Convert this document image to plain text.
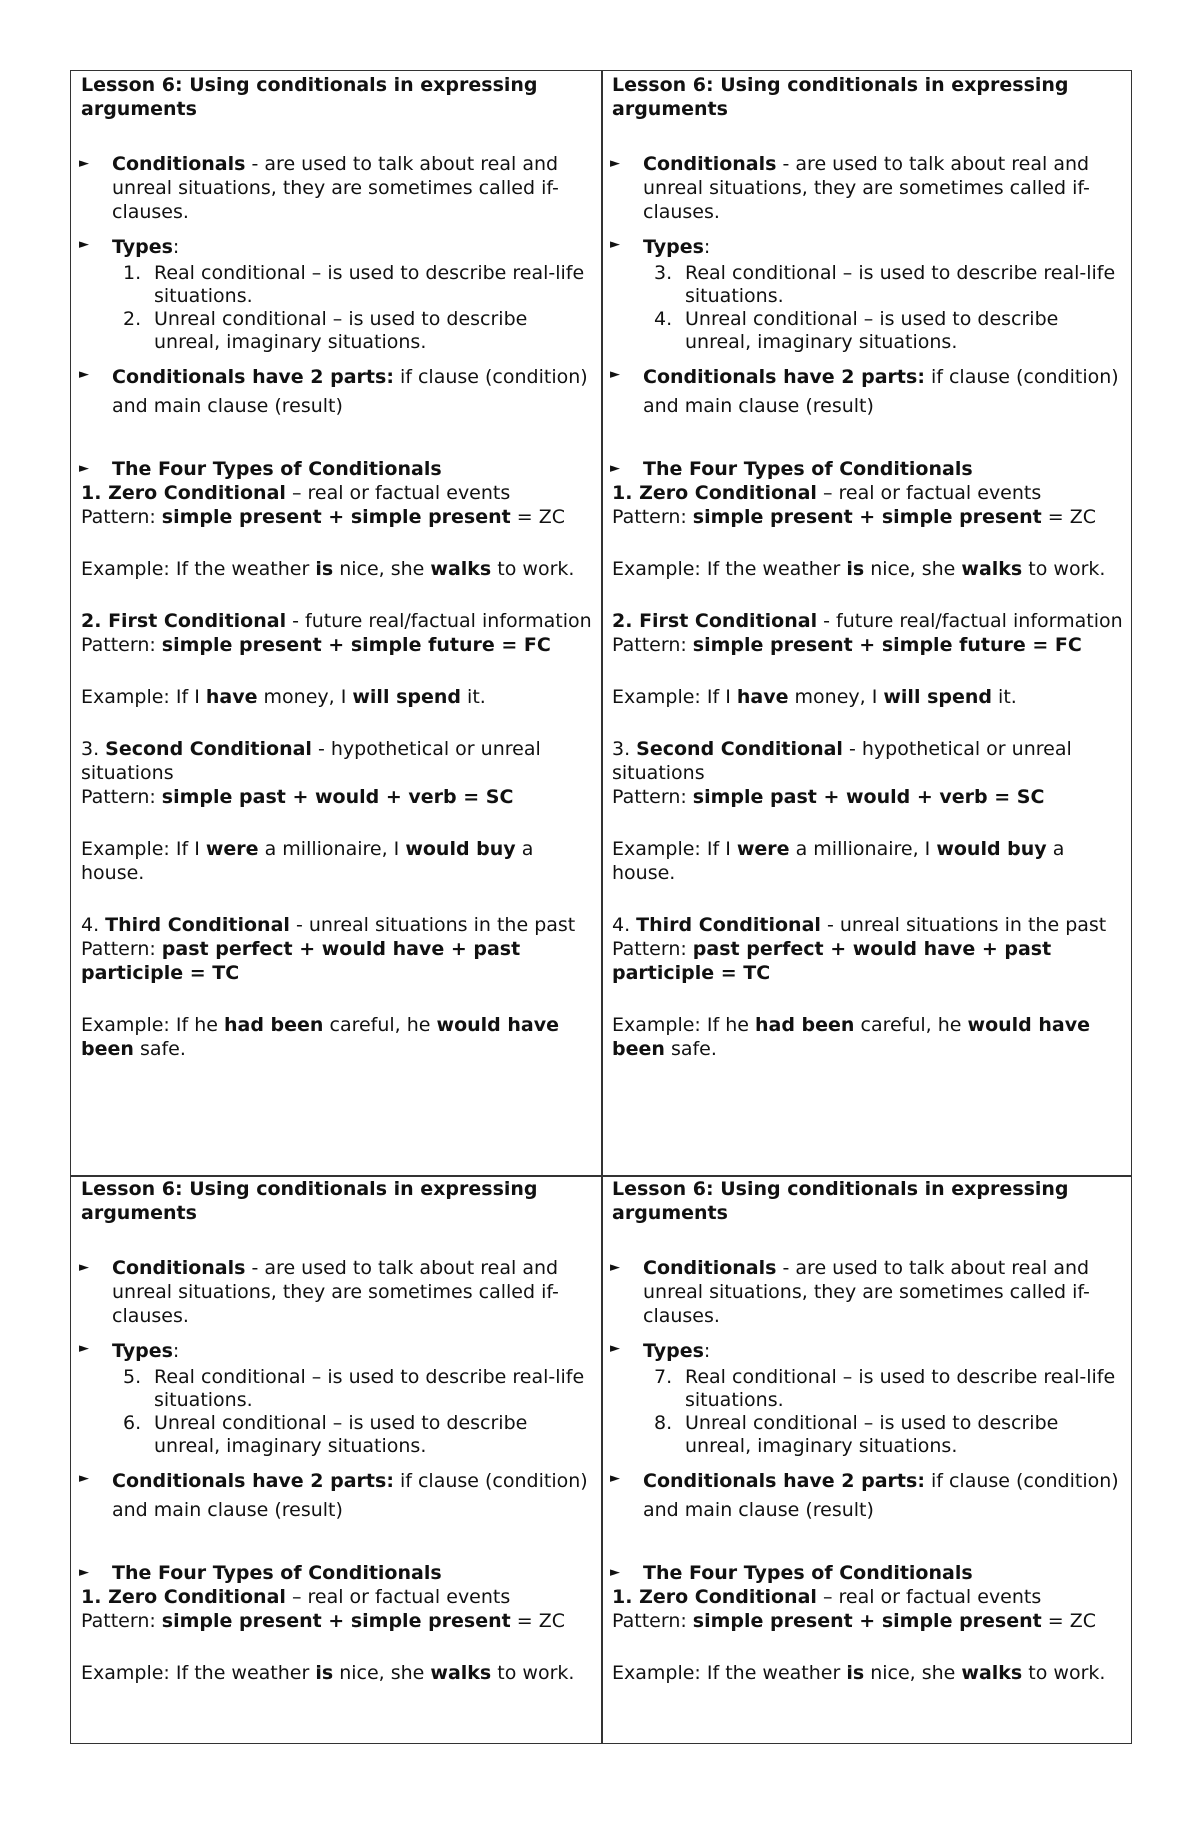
Lesson 6: Using conditionals in expressing arguments

► Conditionals - are used to talk about real and unreal situations, they are sometimes called if-clauses.
► Types:
1. Real conditional – is used to describe real-life situations.
2. Unreal conditional – is used to describe unreal, imaginary situations.
► Conditionals have 2 parts: if clause (condition) and main clause (result)
► The Four Types of Conditionals

1. Zero Conditional – real or factual events

Pattern: simple present + simple present = ZC

Example: If the weather is nice, she walks to work.

2. First Conditional - future real/factual information

Pattern: simple present + simple future = FC

Example: If I have money, I will spend it.

3. Second Conditional - hypothetical or unreal situations

Pattern: simple past + would + verb = SC

Example: If I were a millionaire, I would buy a house.

4. Third Conditional - unreal situations in the past

Pattern: past perfect + would have + past participle = TC

Example: If he had been careful, he would have been safe.

Lesson 6: Using conditionals in expressing arguments

► Conditionals - are used to talk about real and unreal situations, they are sometimes called if-clauses.
► Types:
3. Real conditional – is used to describe real-life situations.
4. Unreal conditional – is used to describe unreal, imaginary situations.
► Conditionals have 2 parts: if clause (condition) and main clause (result)
► The Four Types of Conditionals

1. Zero Conditional – real or factual events

Pattern: simple present + simple present = ZC

Example: If the weather is nice, she walks to work.

2. First Conditional - future real/factual information

Pattern: simple present + simple future = FC

Example: If I have money, I will spend it.

3. Second Conditional - hypothetical or unreal situations

Pattern: simple past + would + verb = SC

Example: If I were a millionaire, I would buy a house.

4. Third Conditional - unreal situations in the past

Pattern: past perfect + would have + past participle = TC

Example: If he had been careful, he would have been safe.

Lesson 6: Using conditionals in expressing arguments

► Conditionals - are used to talk about real and unreal situations, they are sometimes called if-clauses.
► Types:
5. Real conditional – is used to describe real-life situations.
6. Unreal conditional – is used to describe unreal, imaginary situations.
► Conditionals have 2 parts: if clause (condition) and main clause (result)
► The Four Types of Conditionals

1. Zero Conditional – real or factual events

Pattern: simple present + simple present = ZC

Example: If the weather is nice, she walks to work.

Lesson 6: Using conditionals in expressing arguments

► Conditionals - are used to talk about real and unreal situations, they are sometimes called if-clauses.
► Types:
7. Real conditional – is used to describe real-life situations.
8. Unreal conditional – is used to describe unreal, imaginary situations.
► Conditionals have 2 parts: if clause (condition) and main clause (result)
► The Four Types of Conditionals

1. Zero Conditional – real or factual events

Pattern: simple present + simple present = ZC

Example: If the weather is nice, she walks to work.
